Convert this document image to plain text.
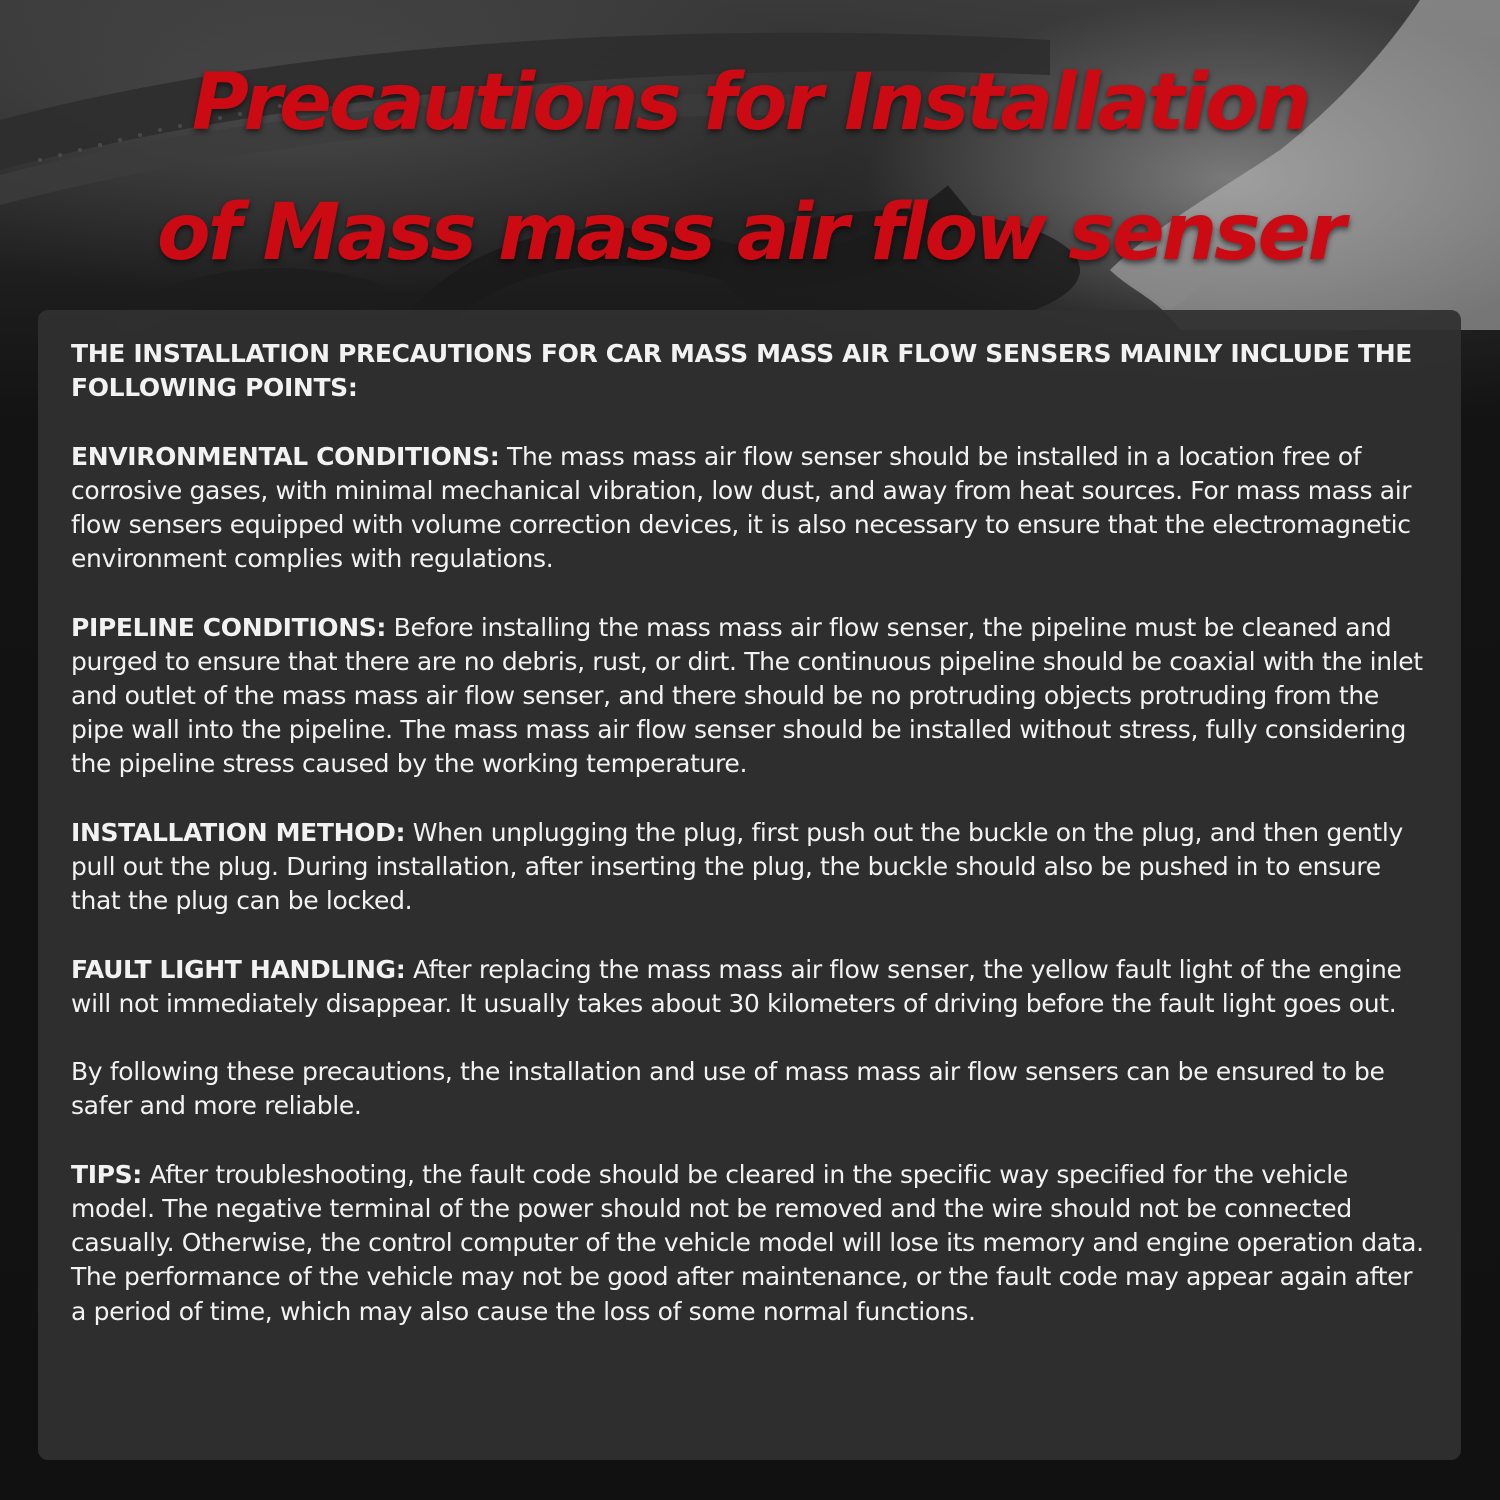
Precautions for Installation
of Mass mass air flow senser

THE INSTALLATION PRECAUTIONS FOR CAR MASS MASS AIR FLOW SENSERS MAINLY INCLUDE THE FOLLOWING POINTS:

ENVIRONMENTAL CONDITIONS: The mass mass air flow senser should be installed in a location free of corrosive gases, with minimal mechanical vibration, low dust, and away from heat sources. For mass mass air flow sensers equipped with volume correction devices, it is also necessary to ensure that the electromagnetic environment complies with regulations.

PIPELINE CONDITIONS: Before installing the mass mass air flow senser, the pipeline must be cleaned and purged to ensure that there are no debris, rust, or dirt. The continuous pipeline should be coaxial with the inlet and outlet of the mass mass air flow senser, and there should be no protruding objects protruding from the pipe wall into the pipeline. The mass mass air flow senser should be installed without stress, fully considering the pipeline stress caused by the working temperature.

INSTALLATION METHOD: When unplugging the plug, first push out the buckle on the plug, and then gently pull out the plug. During installation, after inserting the plug, the buckle should also be pushed in to ensure that the plug can be locked.

FAULT LIGHT HANDLING: After replacing the mass mass air flow senser, the yellow fault light of the engine will not immediately disappear. It usually takes about 30 kilometers of driving before the fault light goes out.

By following these precautions, the installation and use of mass mass air flow sensers can be ensured to be safer and more reliable.

TIPS: After troubleshooting, the fault code should be cleared in the specific way specified for the vehicle model. The negative terminal of the power should not be removed and the wire should not be connected casually. Otherwise, the control computer of the vehicle model will lose its memory and engine operation data. The performance of the vehicle may not be good after maintenance, or the fault code may appear again after a period of time, which may also cause the loss of some normal functions.
